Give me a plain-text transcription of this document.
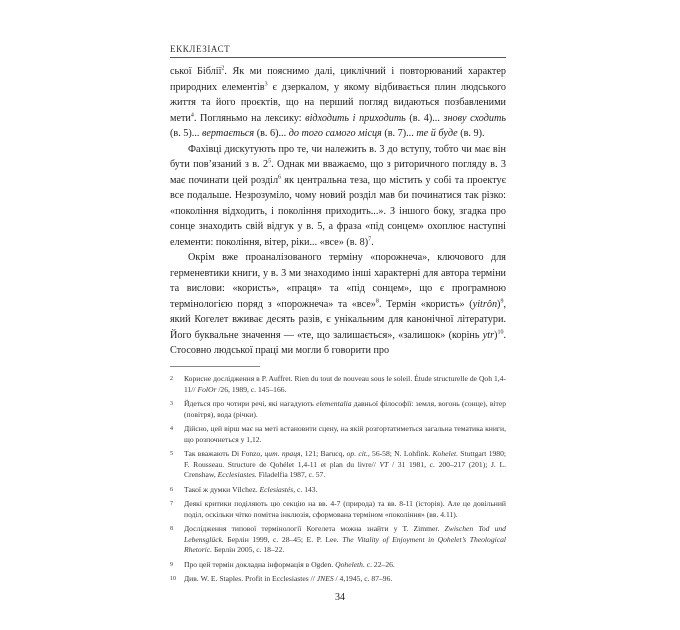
ЕККЛЕЗІАСТ

ської Біблії$^2$. Як ми пояснимо далі, циклічний і повторюваний характер природних елементів$^3$ є дзеркалом, у якому відбивається плин людського життя та його проєктів, що на перший погляд видаються позбавленими мети$^4$. Погляньмо на лексику: відходить і приходить (в. 4)... знову сходить (в. 5)... вертається (в. 6)... до того самого місця (в. 7)... те й буде (в. 9).

Фахівці дискутують про те, чи належить в. 3 до вступу, тобто чи має він бути пов’язаний з в. $2^5$. Однак ми вважаємо, що з риторичного погляду в. 3 має починати цей розділ$^6$ як центральна теза, що містить у собі та проектує все подальше. Незрозуміло, чому новий розділ мав би починатися так різко: «покоління відходить, і покоління приходить...». З іншого боку, згадка про сонце знаходить свій відгук у в. 5, а фраза «під сонцем» охоплює наступні елементи: покоління, вітер, ріки... «все» (в. 8)$^7$.

Окрім вже проаналізованого терміну «порожнеча», ключового для герменевтики книги, у в. 3 ми знаходимо інші характерні для автора терміни та вислови: «користь», «праця» та «під сонцем», що є програмною термінологією поряд з «порожнеча» та «все»$^8$. Термін «користь» (yitrôn)$^9$, який Когелет вживає десять разів, є унікальним для канонічної літератури. Його буквальне значення — «те, що залишається», «залишок» (корінь ytr)$^{10}$. Стосовно людської праці ми могли б говорити про

2	Корисне дослідження в P. Auffret. Rien du tout de nouveau sous le soleil. Étude structurelle de Qoh 1,4-11// FolOr /26, 1989, с. 145–166.
3	Йдеться про чотири речі, які нагадують elementalia давньої філософії: земля, вогонь (сонце), вітер (повітря), вода (річки).
4	Дійсно, цей вірш має на меті встановити сцену, на якій розгортатиметься загальна тематика книги, що розпочнеться у 1,12.
5	Так вважають Di Fonzo, цит. праця, 121; Barucq, op. cit., 56-58; N. Lohfink. Kohelet. Stuttgart 1980; F. Rousseau. Structure de Qohélet 1,4-11 et plan du livre// VT / 31 1981, с. 200–217 (201); J. L. Crenshaw, Ecclesiastes. Filadelfia 1987, с. 57.
6	Такої ж думки Vílchez. Eclesiastés, с. 143.
7	Деякі критики поділяють цю секцію на вв. 4-7 (природа) та вв. 8-11 (історія). Але це довільний поділ, оскільки чітко помітна інклюзія, сформована терміном «покоління» (вв. 4.11).
8	Дослідження типової термінології Когелета можна знайти у Т. Zimmer. Zwischen Tod und Lebensglück. Берлін 1999, с. 28–45; Е. Р. Lee. The Vitality of Enjoyment in Qohelet’s Theological Rhetoric. Берлін 2005, с. 18–22.
9	Про цей термін докладна інформація в Ogden. Qoheleth. с. 22–26.
10	Див. W. E. Staples. Profit in Ecclesiastes // JNES / 4,1945, с. 87–96.
34
